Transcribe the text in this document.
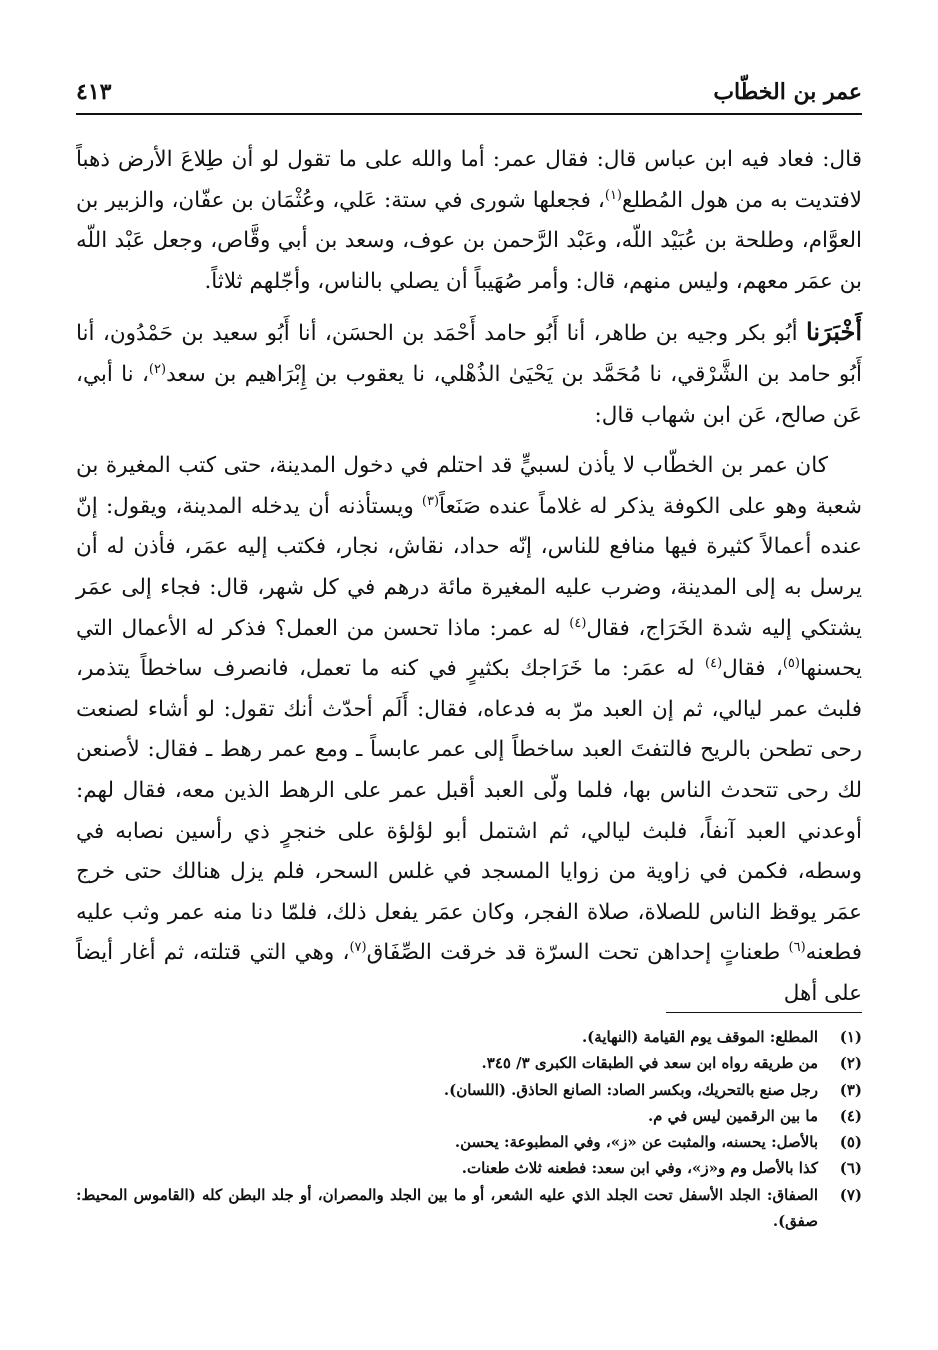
عمر بن الخطّاب
٤١٣

قال: فعاد فيه ابن عباس قال: فقال عمر: أما والله على ما تقول لو أن طِلاعَ الأرض ذهباً لافتديت به من هول المُطلع$^{(١)}$، فجعلها شورى في ستة: عَلي، وعُثْمَان بن عفّان، والزبير بن العوَّام، وطلحة بن عُبَيْد اللّه، وعَبْد الرَّحمن بن عوف، وسعد بن أبي وقَّاص، وجعل عَبْد اللّه بن عمَر معهم، وليس منهم، قال: وأمر صُهَيباً أن يصلي بالناس، وأجّلهم ثلاثاً.

أَخْبَرَنا أبُو بكر وجيه بن طاهر، أنا أَبُو حامد أَحْمَد بن الحسَن، أنا أَبُو سعيد بن حَمْدُون، أنا أَبُو حامد بن الشَّرْقي، نا مُحَمَّد بن يَحْيَىٰ الذُهْلي، نا يعقوب بن إِبْرَاهيم بن سعد$^{(٢)}$، نا أبي، عَن صالح، عَن ابن شهاب قال:

كان عمر بن الخطّاب لا يأذن لسبيٍّ قد احتلم في دخول المدينة، حتى كتب المغيرة بن شعبة وهو على الكوفة يذكر له غلاماً عنده صَنَعاً$^{(٣)}$ ويستأذنه أن يدخله المدينة، ويقول: إنّ عنده أعمالاً كثيرة فيها منافع للناس، إنّه حداد، نقاش، نجار، فكتب إليه عمَر، فأذن له أن يرسل به إلى المدينة، وضرب عليه المغيرة مائة درهم في كل شهر، قال: فجاء إلى عمَر يشتكي إليه شدة الخَرَاج، فقال$^{(٤)}$ له عمر: ماذا تحسن من العمل؟ فذكر له الأعمال التي يحسنها$^{(٥)}$، فقال$^{(٤)}$ له عمَر: ما خَرَاجك بكثيرٍ في كنه ما تعمل، فانصرف ساخطاً يتذمر، فلبث عمر ليالي، ثم إن العبد مرّ به فدعاه، فقال: أَلَم أحدّث أنك تقول: لو أشاء لصنعت رحى تطحن بالريح فالتفتَ العبد ساخطاً إلى عمر عابساً ـ ومع عمر رهط ـ فقال: لأصنعن لك رحى تتحدث الناس بها، فلما ولّى العبد أقبل عمر على الرهط الذين معه، فقال لهم: أوعدني العبد آنفاً، فلبث ليالي، ثم اشتمل أبو لؤلؤة على خنجرٍ ذي رأسين نصابه في وسطه، فكمن في زاوية من زوايا المسجد في غلس السحر، فلم يزل هنالك حتى خرج عمَر يوقظ الناس للصلاة، صلاة الفجر، وكان عمَر يفعل ذلك، فلمّا دنا منه عمر وثب عليه فطعنه$^{(٦)}$ طعناتٍ إحداهن تحت السرّة قد خرقت الصِّفَاق$^{(٧)}$، وهي التي قتلته، ثم أغار أيضاً على أهل

(١)
المطلع: الموقف يوم القيامة (النهاية).
(٢)
من طريقه رواه ابن سعد في الطبقات الكبرى ٣/ ٣٤٥.
(٣)
رجل صنع بالتحريك، وبكسر الصاد: الصانع الحاذق. (اللسان).
(٤)
ما بين الرقمين ليس في م.
(٥)
بالأصل: يحسنه، والمثبت عن «ز»، وفي المطبوعة: يحسن.
(٦)
كذا بالأصل وم و«ز»، وفي ابن سعد: فطعنه ثلاث طعنات.
(٧)
الصفاق: الجلد الأسفل تحت الجلد الذي عليه الشعر، أو ما بين الجلد والمصران، أو جلد البطن كله (القاموس المحيط: صفق).
